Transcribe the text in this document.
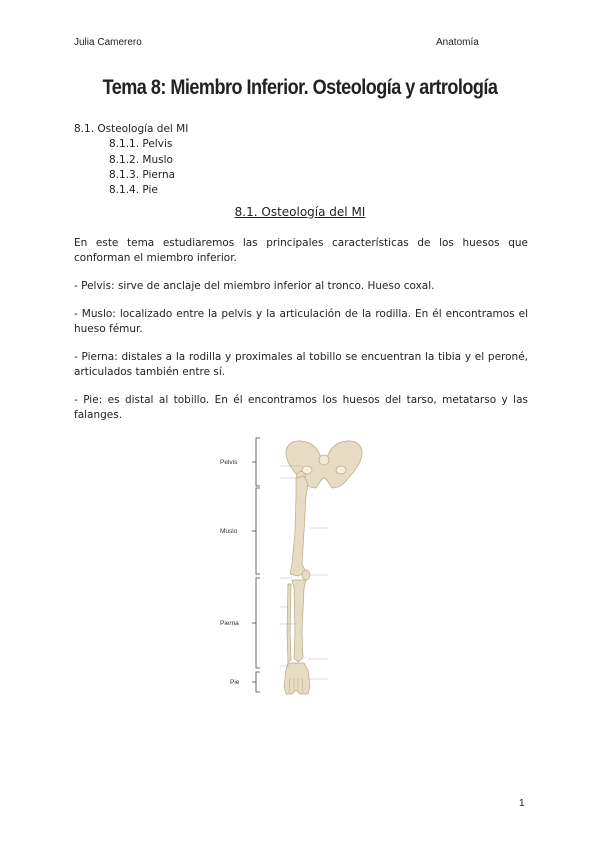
Julia Camerero	Anatomía
Tema 8: Miembro Inferior. Osteología y artrología
8.1. Osteología del MI
8.1.1. Pelvis
8.1.2. Muslo
8.1.3. Pierna
8.1.4. Pie
8.1. Osteología del MI
En este tema estudiaremos las principales características de los huesos que conforman el miembro inferior.
- Pelvis: sirve de anclaje del miembro inferior al tronco. Hueso coxal.
- Muslo: localizado entre la pelvis y la articulación de la rodilla. En él encontramos el hueso fémur.
- Pierna: distales a la rodilla y proximales al tobillo se encuentran la tibia y el peroné, articulados también entre sí.
- Pie: es distal al tobillo. En él encontramos los huesos del tarso, metatarso y las falanges.
Pelvis
Muslo
Pierna
Pie
1
